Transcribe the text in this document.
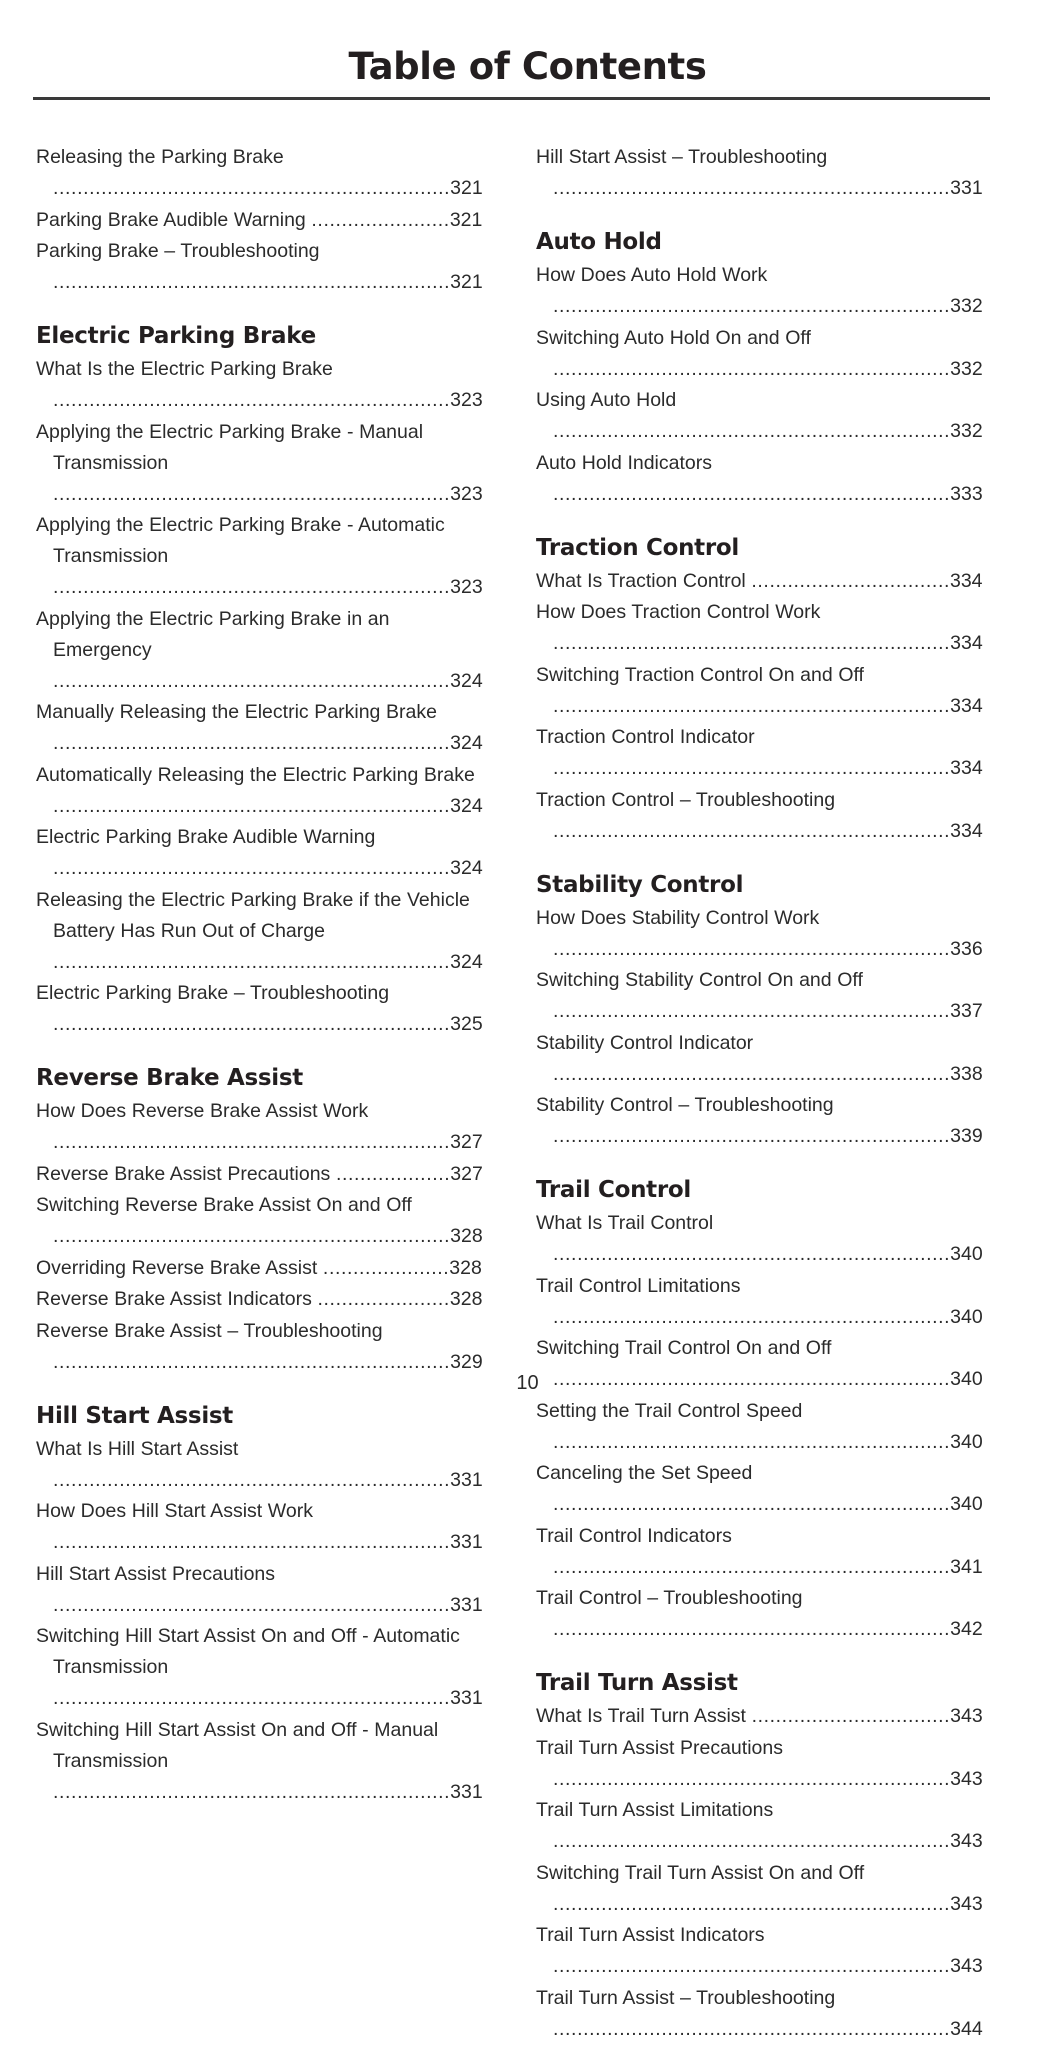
Table of Contents
Releasing the Parking Brake ..................................................................321
Parking Brake Audible Warning .......................321
Parking Brake – Troubleshooting ..................................................................321
Electric Parking Brake
What Is the Electric Parking Brake ..................................................................323
Applying the Electric Parking Brake - Manual Transmission ..................................................................323
Applying the Electric Parking Brake - Automatic Transmission ..................................................................323
Applying the Electric Parking Brake in an Emergency ..................................................................324
Manually Releasing the Electric Parking Brake ..................................................................324
Automatically Releasing the Electric Parking Brake ..................................................................324
Electric Parking Brake Audible Warning ..................................................................324
Releasing the Electric Parking Brake if the Vehicle Battery Has Run Out of Charge ..................................................................324
Electric Parking Brake – Troubleshooting ..................................................................325
Reverse Brake Assist
How Does Reverse Brake Assist Work ..................................................................327
Reverse Brake Assist Precautions ...................327
Switching Reverse Brake Assist On and Off ..................................................................328
Overriding Reverse Brake Assist .....................328
Reverse Brake Assist Indicators ......................328
Reverse Brake Assist – Troubleshooting ..................................................................329
Hill Start Assist
What Is Hill Start Assist ..................................................................331
How Does Hill Start Assist Work ..................................................................331
Hill Start Assist Precautions ..................................................................331
Switching Hill Start Assist On and Off - Automatic Transmission ..................................................................331
Switching Hill Start Assist On and Off - Manual Transmission ..................................................................331
Hill Start Assist – Troubleshooting ..................................................................331
Auto Hold
How Does Auto Hold Work ..................................................................332
Switching Auto Hold On and Off ..................................................................332
Using Auto Hold ..................................................................332
Auto Hold Indicators ..................................................................333
Traction Control
What Is Traction Control .................................334
How Does Traction Control Work ..................................................................334
Switching Traction Control On and Off ..................................................................334
Traction Control Indicator ..................................................................334
Traction Control – Troubleshooting ..................................................................334
Stability Control
How Does Stability Control Work ..................................................................336
Switching Stability Control On and Off ..................................................................337
Stability Control Indicator ..................................................................338
Stability Control – Troubleshooting ..................................................................339
Trail Control
What Is Trail Control ..................................................................340
Trail Control Limitations ..................................................................340
Switching Trail Control On and Off ..................................................................340
Setting the Trail Control Speed ..................................................................340
Canceling the Set Speed ..................................................................340
Trail Control Indicators ..................................................................341
Trail Control – Troubleshooting ..................................................................342
Trail Turn Assist
What Is Trail Turn Assist .................................343
Trail Turn Assist Precautions ..................................................................343
Trail Turn Assist Limitations ..................................................................343
Switching Trail Turn Assist On and Off ..................................................................343
Trail Turn Assist Indicators ..................................................................343
Trail Turn Assist – Troubleshooting ..................................................................344
10
